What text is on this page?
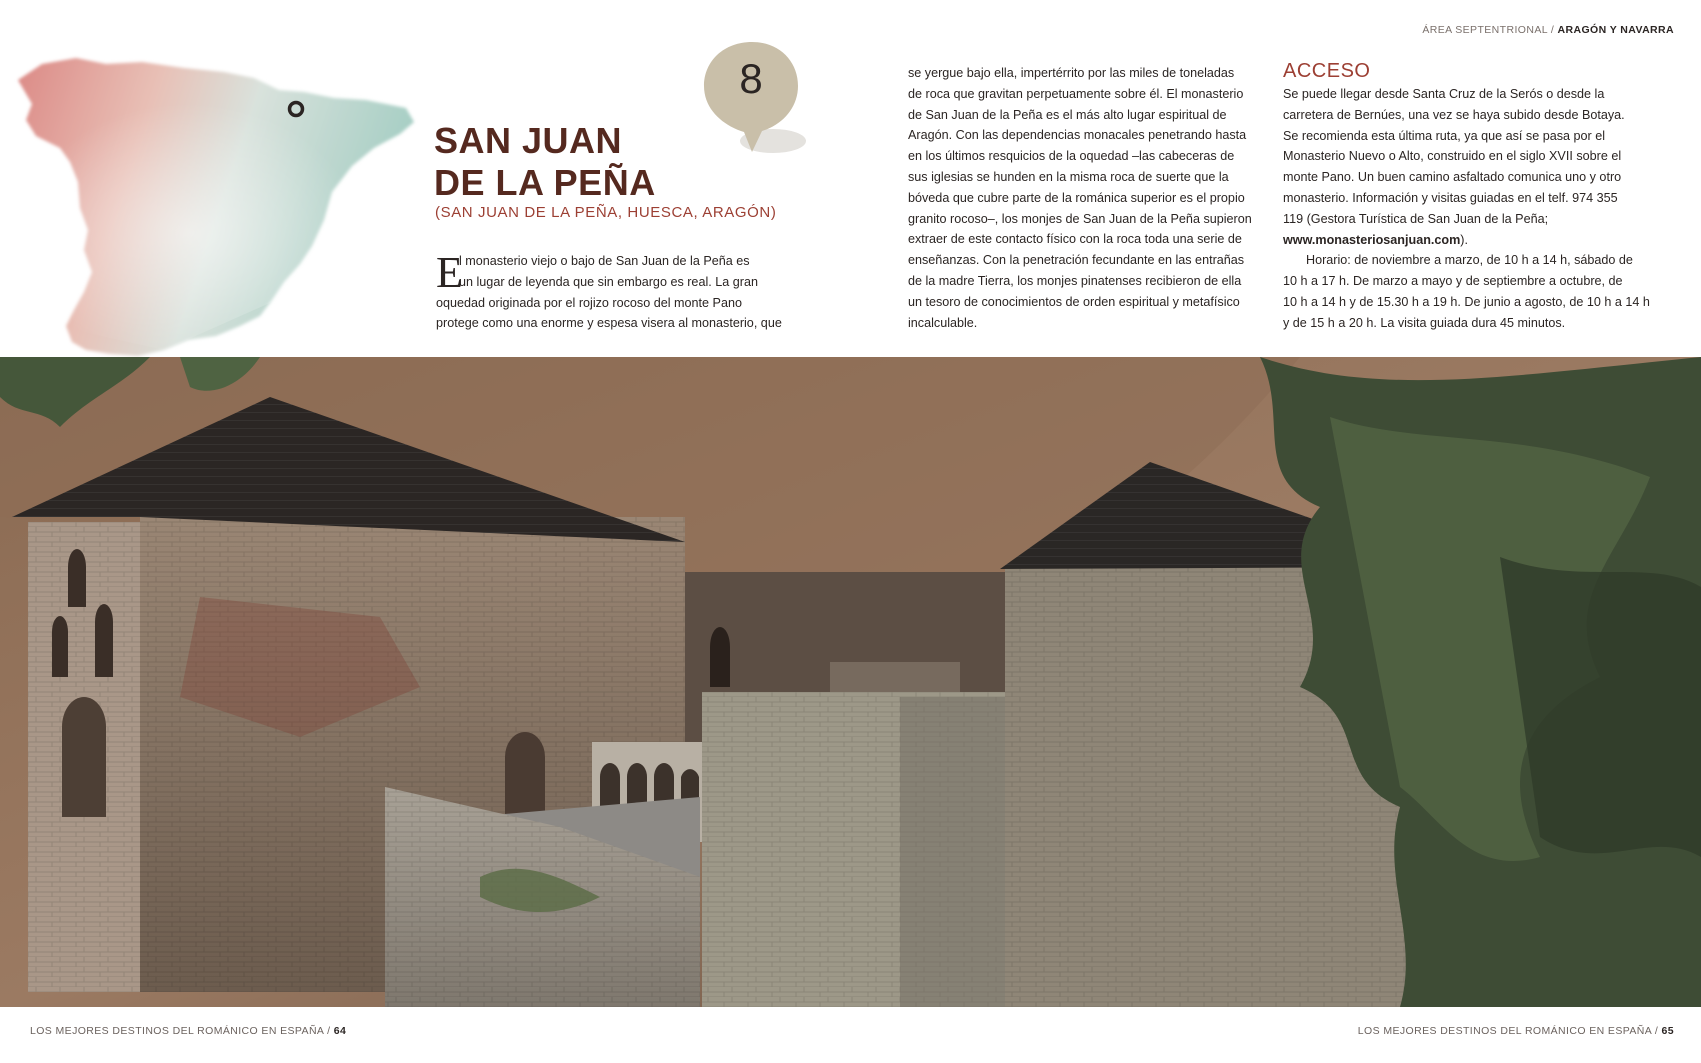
ÁREA SEPTENTRIONAL / ARAGÓN Y NAVARRA
8
SAN JUAN
DE LA PEÑA
(SAN JUAN DE LA PEÑA, HUESCA, ARAGÓN)
E
l monasterio viejo o bajo de San Juan de la Peña es
un lugar de leyenda que sin embargo es real. La gran
oquedad originada por el rojizo rocoso del monte Pano
protege como una enorme y espesa visera al monasterio, que
se yergue bajo ella, impertérrito por las miles de toneladas
de roca que gravitan perpetuamente sobre él. El monasterio
de San Juan de la Peña es el más alto lugar espiritual de
Aragón. Con las dependencias monacales penetrando hasta
en los últimos resquicios de la oquedad –las cabeceras de
sus iglesias se hunden en la misma roca de suerte que la
bóveda que cubre parte de la románica superior es el propio
granito rocoso–, los monjes de San Juan de la Peña supieron
extraer de este contacto físico con la roca toda una serie de
enseñanzas. Con la penetración fecundante en las entrañas
de la madre Tierra, los monjes pinatenses recibieron de ella
un tesoro de conocimientos de orden espiritual y metafísico
incalculable.
ACCESO
Se puede llegar desde Santa Cruz de la Serós o desde la
carretera de Bernúes, una vez se haya subido desde Botaya.
Se recomienda esta última ruta, ya que así se pasa por el
Monasterio Nuevo o Alto, construido en el siglo XVII sobre el
monte Pano. Un buen camino asfaltado comunica uno y otro
monasterio. Información y visitas guiadas en el telf. 974 355
119 (Gestora Turística de San Juan de la Peña;
www.monasteriosanjuan.com).
Horario: de noviembre a marzo, de 10 h a 14 h, sábado de
10 h a 17 h. De marzo a mayo y de septiembre a octubre, de
10 h a 14 h y de 15.30 h a 19 h. De junio a agosto, de 10 h a 14 h
y de 15 h a 20 h. La visita guiada dura 45 minutos.
LOS MEJORES DESTINOS DEL ROMÁNICO EN ESPAÑA / 64	LOS MEJORES DESTINOS DEL ROMÁNICO EN ESPAÑA / 65
